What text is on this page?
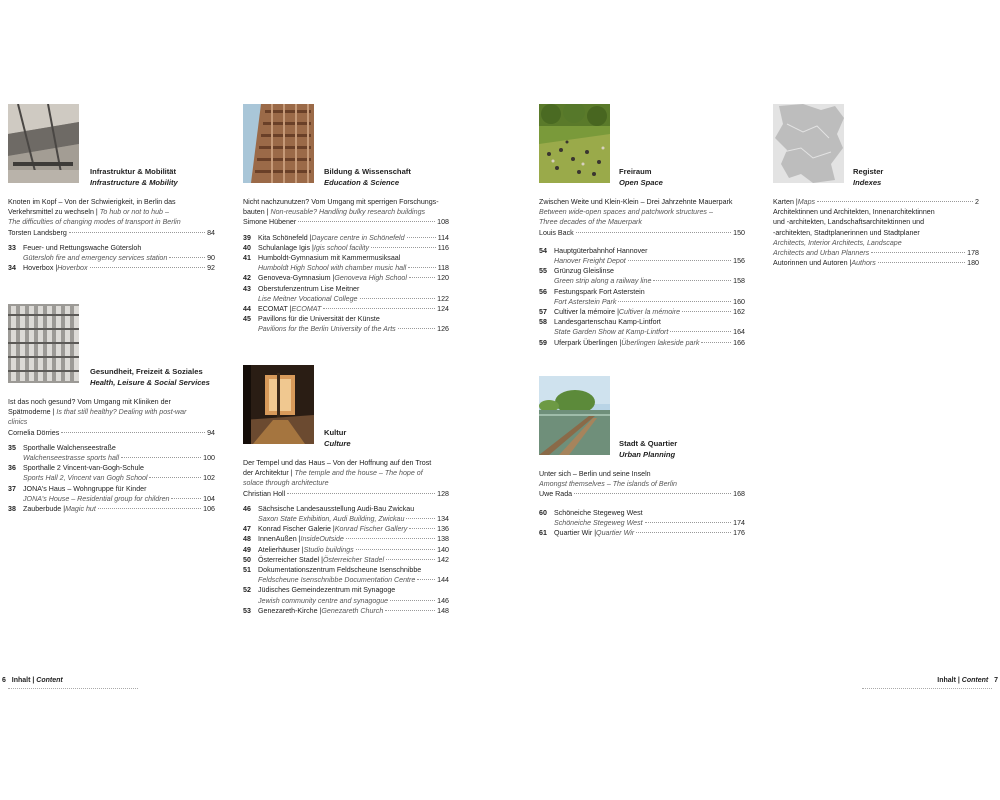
Infrastruktur & Mobilität
Infrastructure & Mobility
Gesundheit, Freizeit & Soziales
Health, Leisure & Social Services
Bildung & Wissenschaft
Education & Science
Kultur
Culture
Freiraum
Open Space
Stadt & Quartier
Urban Planning
Register
Indexes
Knoten im Kopf – Von der Schwierigkeit, in Berlin das
Verkehrsmittel zu wechseln | To hub or not to hub –
The difficulties of changing modes of transport in Berlin
Torsten Landsberg	84
33	Feuer- und Rettungswache Gütersloh
Gütersloh fire and emergency services station	90
34	Hoverbox | Hoverbox	92
Ist das noch gesund? Vom Umgang mit Kliniken der
Spätmoderne | Is that still healthy? Dealing with post-war
clinics
Cornelia Dörries	94
35	Sporthalle Walchenseestraße
Walchenseestrasse sports hall	100
36	Sporthalle 2 Vincent-van-Gogh-Schule
Sports Hall 2, Vincent van Gogh School	102
37	JONA's Haus – Wohngruppe für Kinder
JONA's House – Residential group for children	104
38	Zauberbude | Magic hut	106
Nicht nachzunutzen? Vom Umgang mit sperrigen Forschungs-
bauten | Non-reusable? Handling bulky research buildings
Simone Hübener	108
39	Kita Schönefeld | Daycare centre in Schönefeld	114
40	Schulanlage Igis | Igis school facility	116
41	Humboldt-Gymnasium mit Kammermusiksaal
Humboldt High School with chamber music hall	118
42	Genoveva-Gymnasium | Genoveva High School	120
43	Oberstufenzentrum Lise Meitner
Lise Meitner Vocational College	122
44	ECOMAT | ECOMAT	124
45	Pavillons für die Universität der Künste
Pavilions for the Berlin University of the Arts	126
Der Tempel und das Haus – Von der Hoffnung auf den Trost
der Architektur | The temple and the house – The hope of
solace through architecture
Christian Holl	128
46	Sächsische Landesausstellung Audi-Bau Zwickau
Saxon State Exhibition, Audi Building, Zwickau	134
47	Konrad Fischer Galerie | Konrad Fischer Gallery	136
48	InnenAußen | InsideOutside	138
49	Atelierhäuser | Studio buildings	140
50	Österreicher Stadel | Österreicher Stadel	142
51	Dokumentationszentrum Feldscheune Isenschnibbe
Feldscheune Isenschnibbe Documentation Centre	144
52	Jüdisches Gemeindezentrum mit Synagoge
Jewish community centre and synagogue	146
53	Genezareth-Kirche | Genezareth Church	148
Zwischen Weite und Klein-Klein – Drei Jahrzehnte Mauerpark
Between wide-open spaces and patchwork structures –
Three decades of the Mauerpark
Louis Back	150
54	Hauptgüterbahnhof Hannover
Hanover Freight Depot	156
55	Grünzug Gleislinse
Green strip along a railway line	158
56	Festungspark Fort Asterstein
Fort Asterstein Park	160
57	Cultiver la mémoire | Cultiver la mémoire	162
58	Landesgartenschau Kamp-Lintfort
State Garden Show at Kamp-Lintfort	164
59	Uferpark Überlingen | Überlingen lakeside park	166
Unter sich – Berlin und seine Inseln
Amongst themselves – The islands of Berlin
Uwe Rada	168
60	Schöneiche Stegeweg West
Schöneiche Stegeweg West	174
61	Quartier Wir | Quartier Wir	176
Karten | Maps	2
Architektinnen und Architekten, Innenarchitektinnen
und -architekten, Landschaftsarchitektinnen und
-architekten, Stadtplanerinnen und Stadtplaner
Architects, Interior Architects, Landscape
Architects and Urban Planners	178
Autorinnen und Autoren | Authors	180
6 Inhalt | Content	Inhalt | Content 7
